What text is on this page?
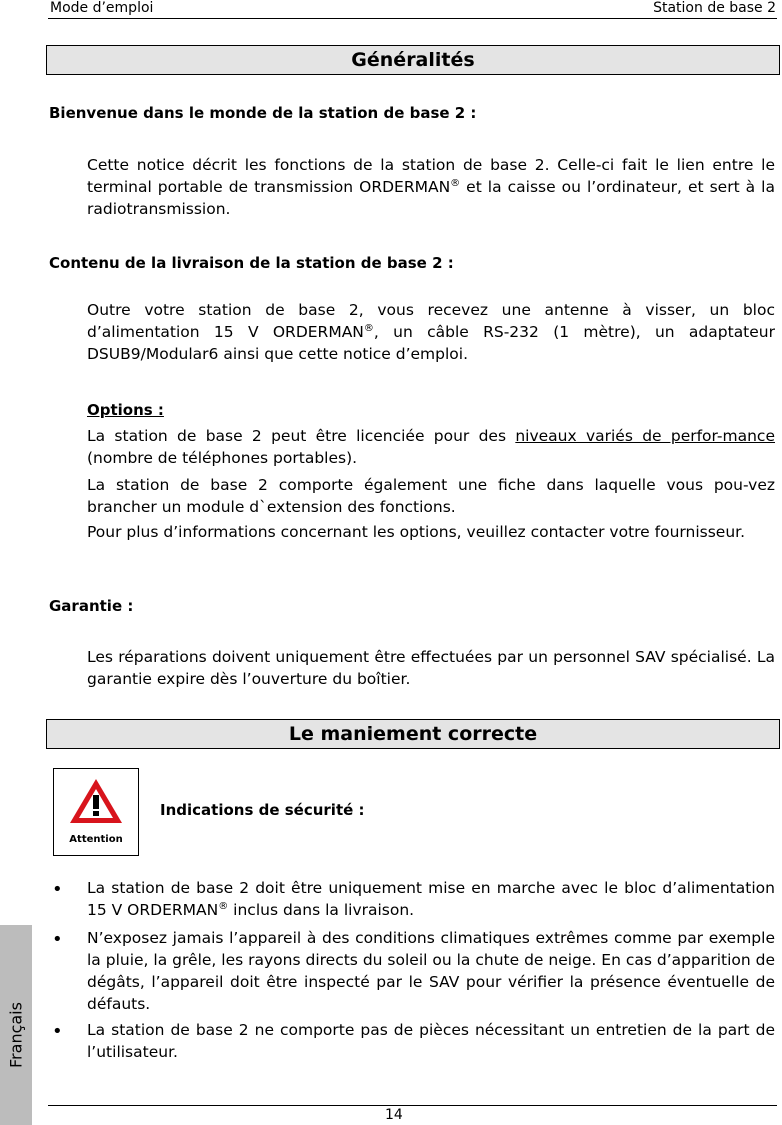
Mode d’emploi	Station de base 2
Généralités
Bienvenue dans le monde de la station de base 2 :

Cette notice décrit les fonctions de la station de base 2. Celle-ci fait le lien entre le terminal portable de transmission ORDERMAN® et la caisse ou l’ordinateur, et sert à la radiotransmission.

Contenu de la livraison de la station de base 2 :

Outre votre station de base 2, vous recevez une antenne à visser, un bloc d’alimentation 15 V ORDERMAN®, un câble RS-232 (1 mètre), un adaptateur DSUB9/Modular6 ainsi que cette notice d’emploi.

Options :

La station de base 2 peut être licenciée pour des niveaux variés de perfor-mance (nombre de téléphones portables).

La station de base 2 comporte également une fiche dans laquelle vous pou-vez brancher un module d`extension des fonctions.

Pour plus d’informations concernant les options, veuillez contacter votre fournisseur.

Garantie :

Les réparations doivent uniquement être effectuées par un personnel SAV spécialisé. La garantie expire dès l’ouverture du boîtier.

Le maniement correcte
Attention
Indications de sécurité :
• La station de base 2 doit être uniquement mise en marche avec le bloc d’alimentation 15 V ORDERMAN® inclus dans la livraison.

• N’exposez jamais l’appareil à des conditions climatiques extrêmes comme par exemple la pluie, la grêle, les rayons directs du soleil ou la chute de neige. En cas d’apparition de dégâts, l’appareil doit être inspecté par le SAV pour vérifier la présence éventuelle de défauts.

• La station de base 2 ne comporte pas de pièces nécessitant un entretien de la part de l’utilisateur.

Français
14
